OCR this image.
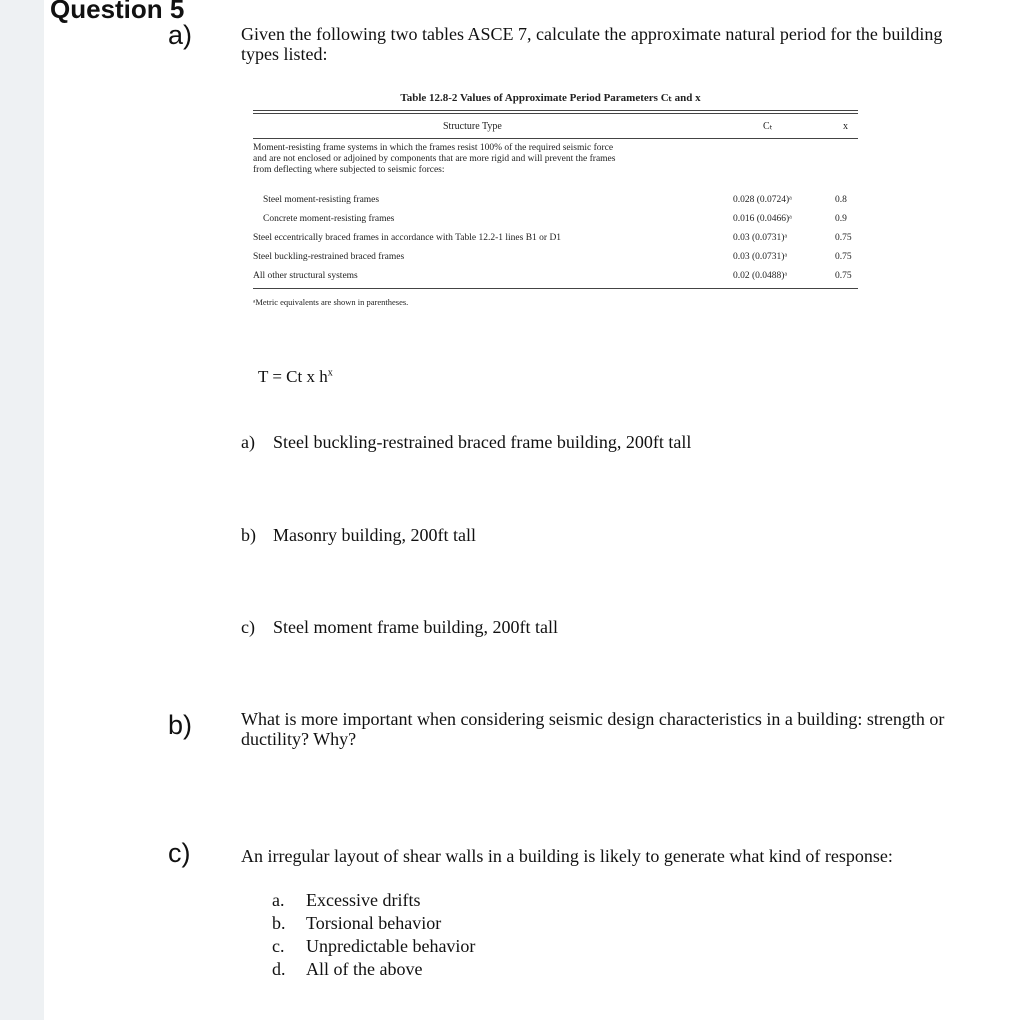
Question 5
a)	Given the following two tables ASCE 7, calculate the approximate natural period for the building
types listed:
Table 12.8-2 Values of Approximate Period Parameters Cₜ and x
Structure Type	Cₜ	x
Moment-resisting frame systems in which the frames resist 100% of the required seismic force
and are not enclosed or adjoined by components that are more rigid and will prevent the frames
from deflecting where subjected to seismic forces:
Steel moment-resisting frames	0.028 (0.0724)ᵃ	0.8
Concrete moment-resisting frames	0.016 (0.0466)ᵃ	0.9
Steel eccentrically braced frames in accordance with Table 12.2-1 lines B1 or D1	0.03 (0.0731)ᵃ	0.75
Steel buckling-restrained braced frames	0.03 (0.0731)ᵃ	0.75
All other structural systems	0.02 (0.0488)ᵃ	0.75
ᵃMetric equivalents are shown in parentheses.
T = Ct x $h^x$
a) Steel buckling-restrained braced frame building, 200ft tall
b) Masonry building, 200ft tall
c) Steel moment frame building, 200ft tall
b)	What is more important when considering seismic design characteristics in a building: strength or
ductility? Why?
c)	An irregular layout of shear walls in a building is likely to generate what kind of response:
a. Excessive drifts
b. Torsional behavior
c. Unpredictable behavior
d. All of the above
